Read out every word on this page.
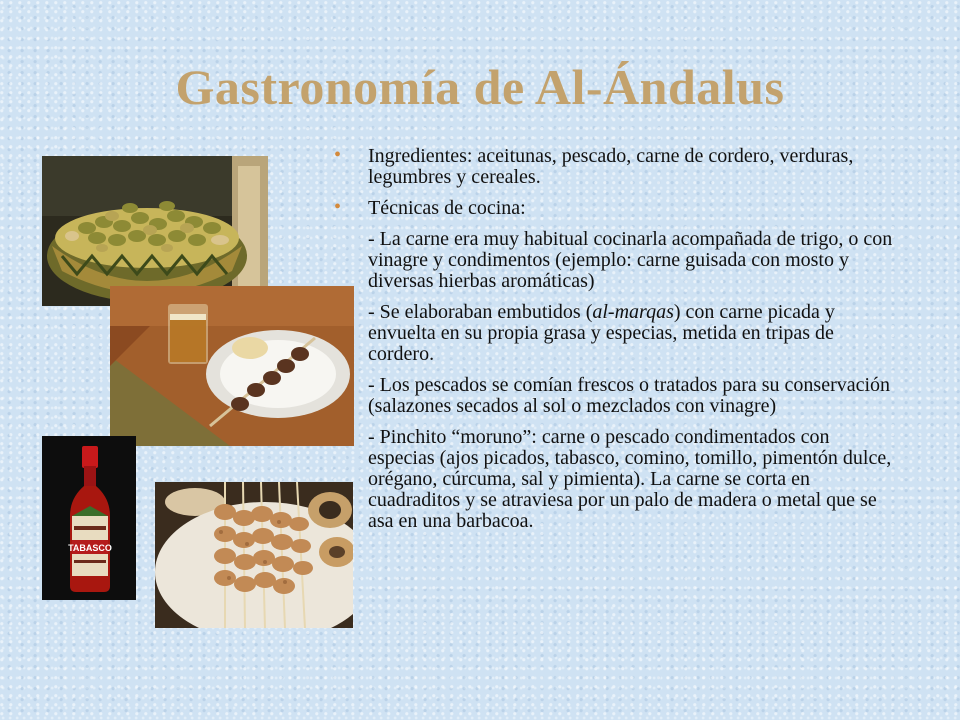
Gastronomía de Al-Ándalus
TABASCO
• Ingredientes: aceitunas, pescado, carne de cordero, verduras, legumbres y cereales.
• Técnicas de cocina:
- La carne era muy habitual cocinarla acompañada de trigo, o con vinagre y condimentos (ejemplo: carne guisada con mosto y diversas hierbas aromáticas)
- Se elaboraban embutidos (al-marqas) con carne picada y envuelta en su propia grasa y especias, metida en tripas de cordero.
- Los pescados se comían frescos o tratados para su conservación (salazones secados al sol o mezclados con vinagre)
- Pinchito “moruno”: carne o pescado condimentados con especias (ajos picados, tabasco, comino, tomillo, pimentón dulce, orégano, cúrcuma, sal y pimienta). La carne se corta en cuadraditos y se atraviesa por un palo de madera o metal que se asa en una barbacoa.
